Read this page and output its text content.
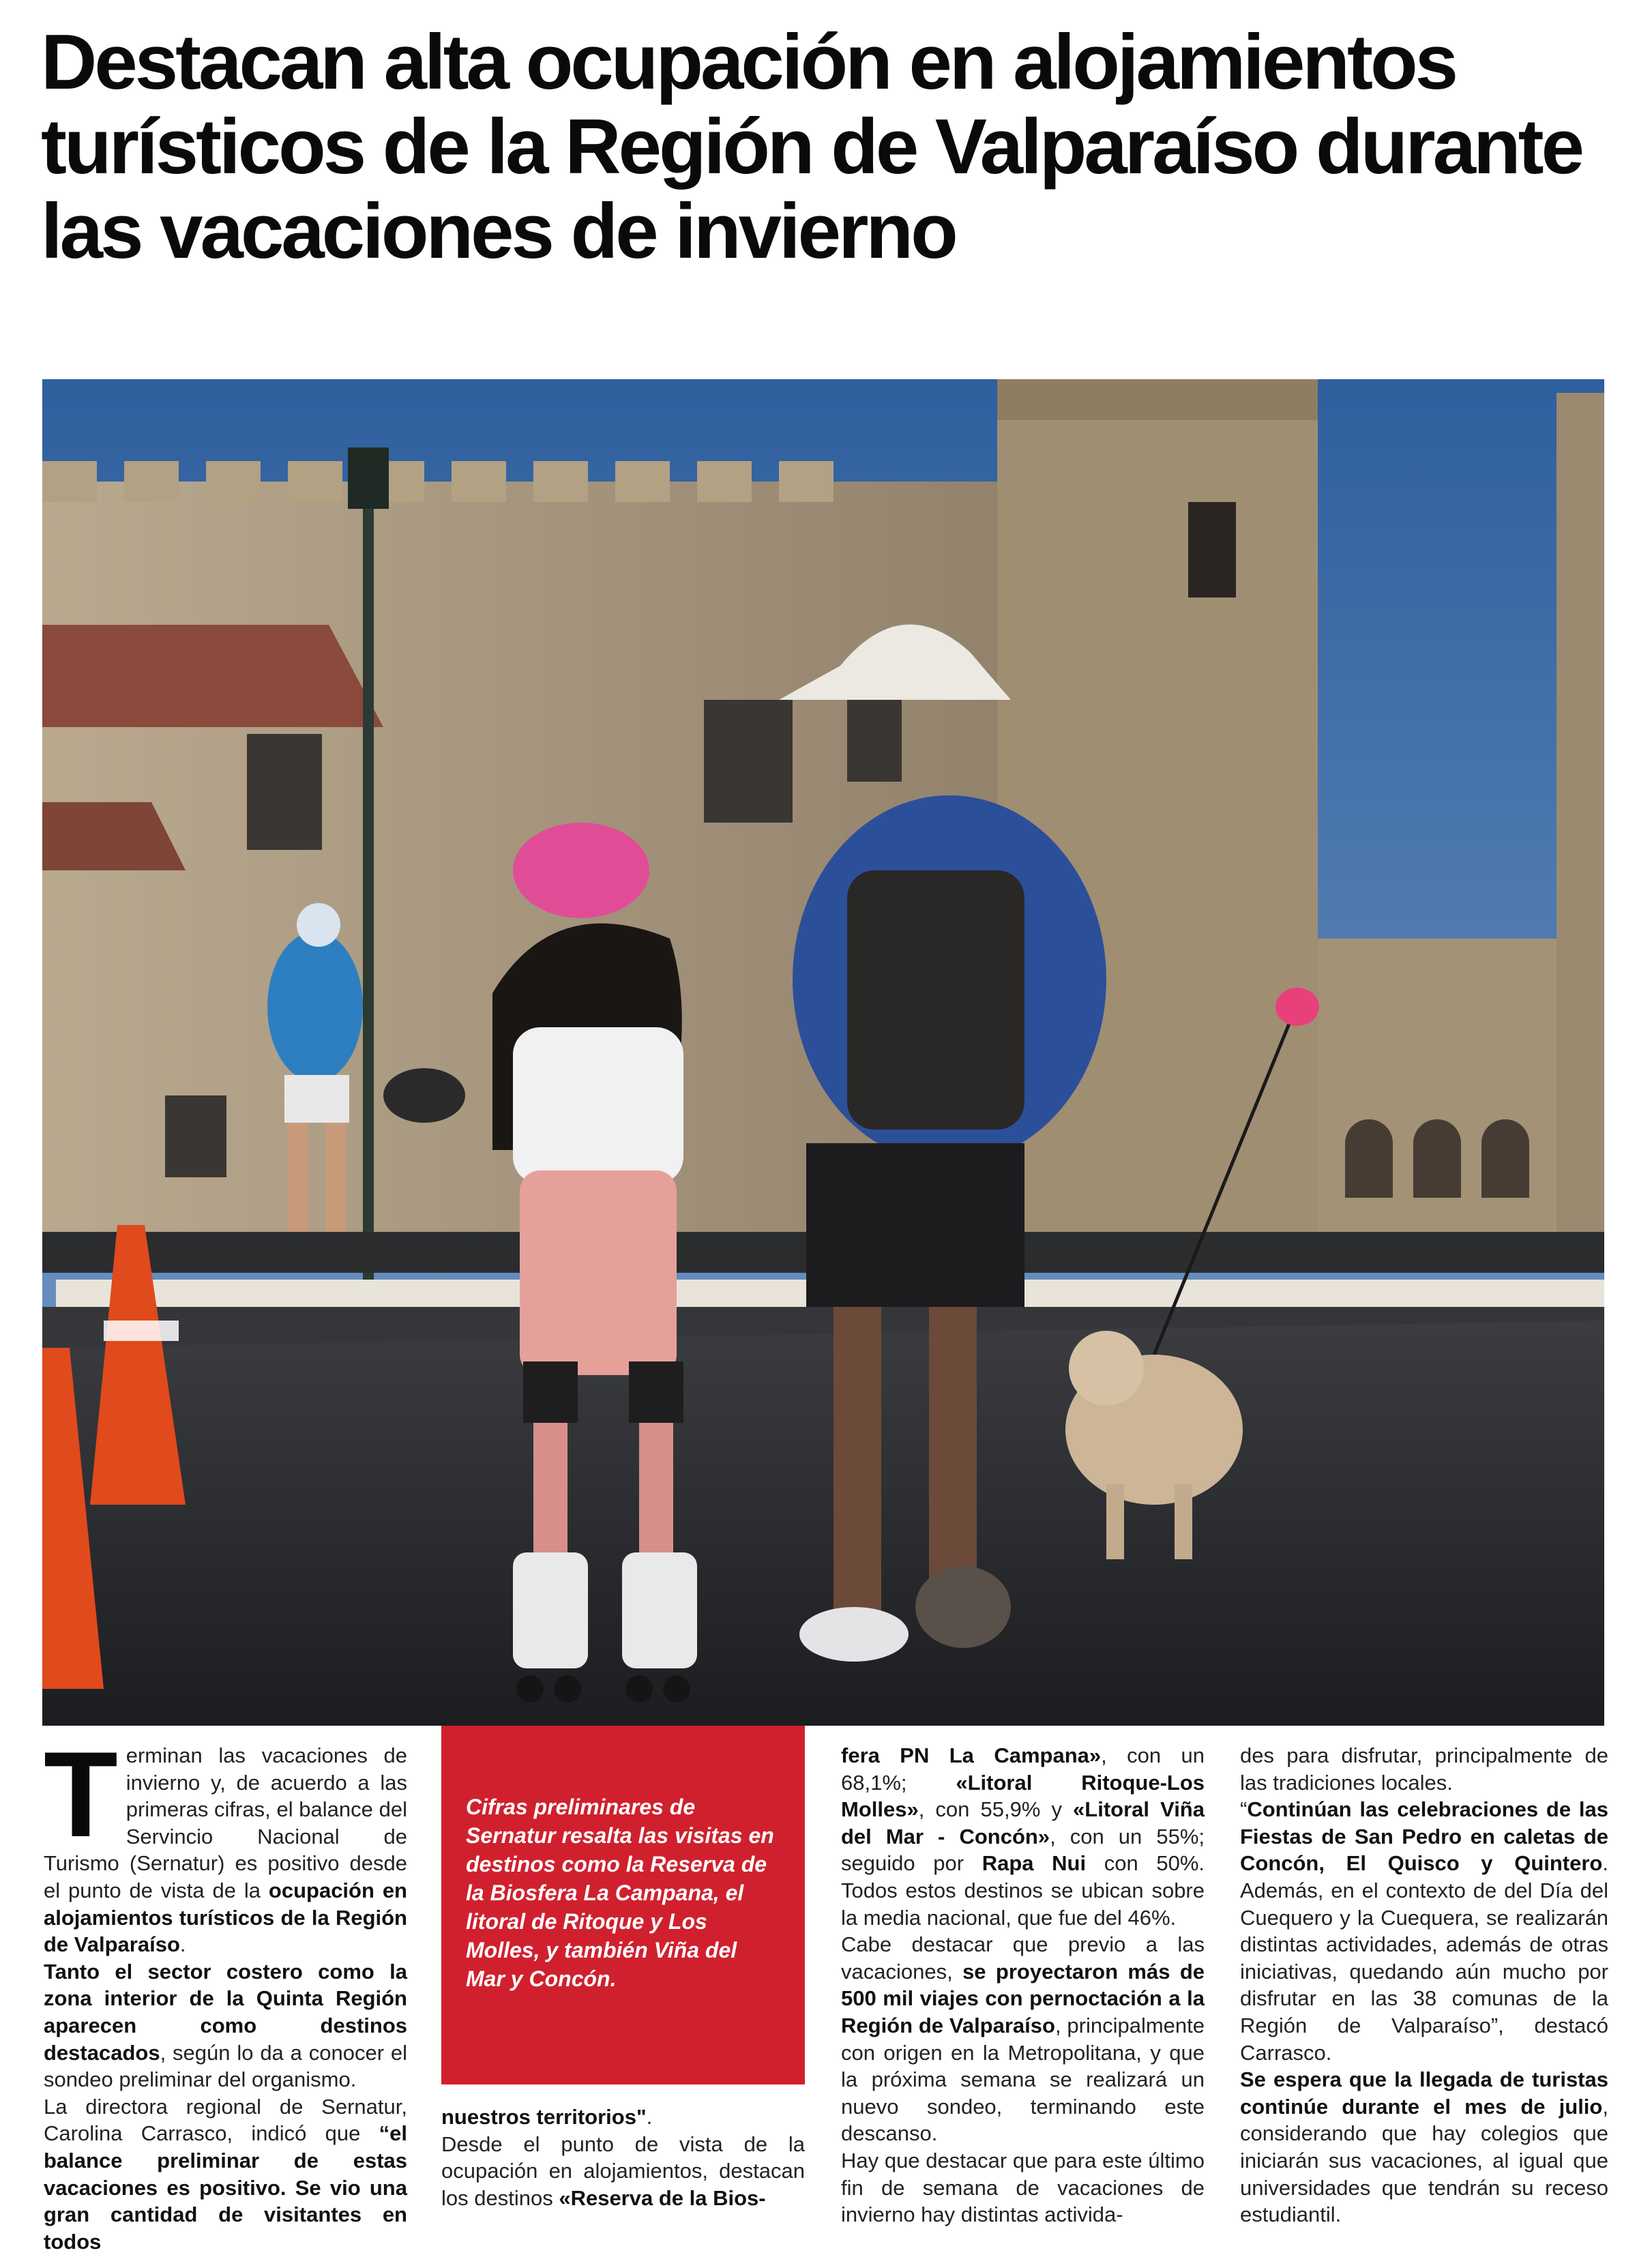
Destacan alta ocupación en alojamientos turísticos de la Región de Valparaíso durante las vacaciones de invierno

Terminan las vacaciones de invierno y, de acuerdo a las primeras cifras, el balance del Servincio Nacional de Turismo (Sernatur) es positivo desde el punto de vista de la ocupación en alojamientos turísticos de la Región de Valparaíso.

Tanto el sector costero como la zona interior de la Quinta Región aparecen como destinos destacados, según lo da a conocer el sondeo preliminar del organismo.

La directora regional de Sernatur, Carolina Carrasco, indicó que “el balance preliminar de estas vacaciones es positivo. Se vio una gran cantidad de visitantes en todos

Cifras preliminares de Sernatur resalta las visitas en destinos como la Reserva de la Biosfera La Campana, el litoral de Ritoque y Los Molles, y también Viña del Mar y Concón.

nuestros territorios".

Desde el punto de vista de la ocupación en alojamientos, destacan los destinos «Reserva de la Bios-

fera PN La Campana», con un 68,1%; «Litoral Ritoque-Los Molles», con 55,9% y «Litoral Viña del Mar - Concón», con un 55%; seguido por Rapa Nui con 50%. Todos estos destinos se ubican sobre la media nacional, que fue del 46%.

Cabe destacar que previo a las vacaciones, se proyectaron más de 500 mil viajes con pernoctación a la Región de Valparaíso, principalmente con origen en la Metropolitana, y que la próxima semana se realizará un nuevo sondeo, terminando este descanso.

Hay que destacar que para este último fin de semana de vacaciones de invierno hay distintas activida-

des para disfrutar, principalmente de las tradiciones locales.

“Continúan las celebraciones de las Fiestas de San Pedro en caletas de Concón, El Quisco y Quintero. Además, en el contexto de del Día del Cuequero y la Cuequera, se realizarán distintas actividades, además de otras iniciativas, quedando aún mucho por disfrutar en las 38 comunas de la Región de Valparaíso”, destacó Carrasco.

Se espera que la llegada de turistas continúe durante el mes de julio, considerando que hay colegios que iniciarán sus vacaciones, al igual que universidades que tendrán su receso estudiantil.
